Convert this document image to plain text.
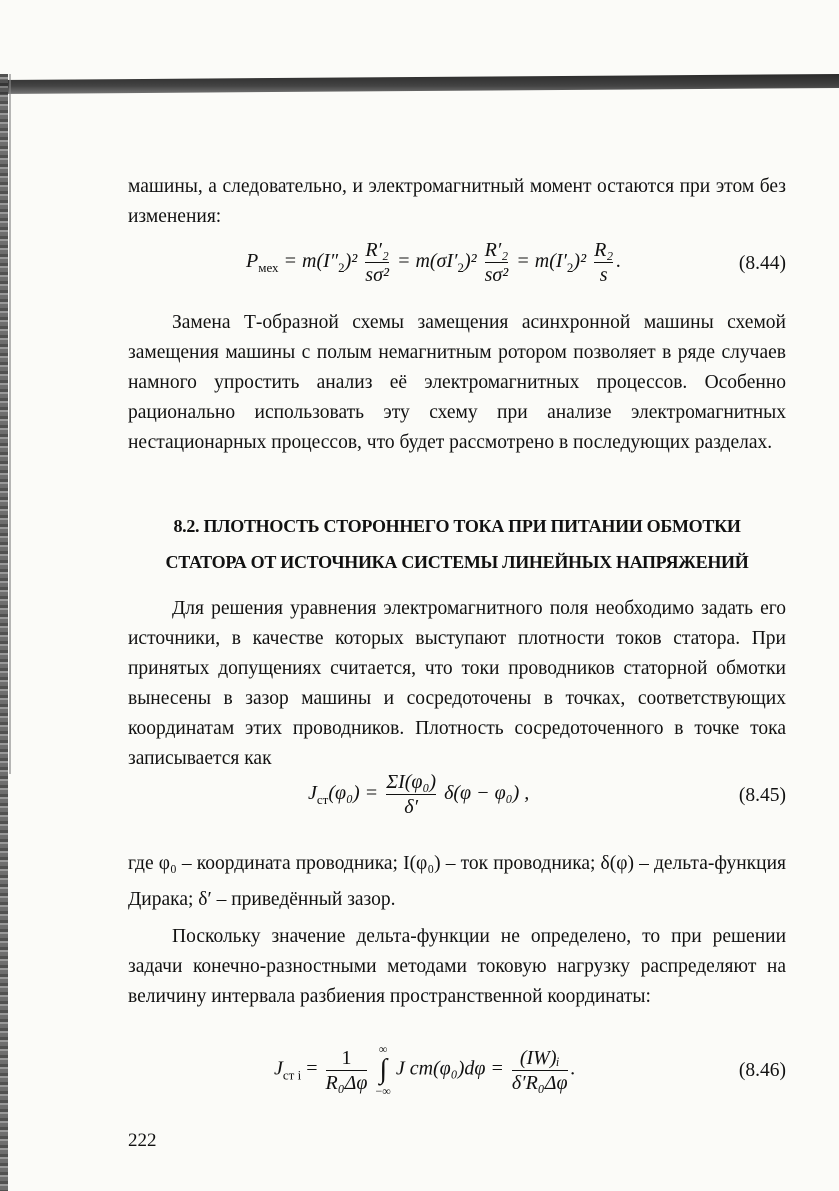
машины, а следовательно, и электромагнитный момент остаются при этом без изменения:

$P_{мех} = m(I''_2)^2 \frac{\text{R′₂}}{\text{sσ²}} = m(\sigma I'_2)^2 \frac{\text{R′₂}}{\text{sσ²}} = m(I'_2)^2 \frac{\text{R₂}}{s}$ .	(8.44)

Замена Т-образной схемы замещения асинхронной машины схемой замещения машины с полым немагнитным ротором позволяет в ряде случаев намного упростить анализ её электромагнитных процессов. Особенно рационально использовать эту схему при анализе электромагнитных нестационарных процессов, что будет рассмотрено в последующих разделах.

8.2. ПЛОТНОСТЬ СТОРОННЕГО ТОКА ПРИ ПИТАНИИ ОБМОТКИ
СТАТОРА ОТ ИСТОЧНИКА СИСТЕМЫ ЛИНЕЙНЫХ НАПРЯЖЕНИЙ

Для решения уравнения электромагнитного поля необходимо задать его источники, в качестве которых выступают плотности токов статора. При принятых допущениях считается, что токи проводников статорной обмотки вынесены в зазор машины и сосредоточены в точках, соответствующих координатам этих проводников. Плотность сосредоточенного в точке тока записывается как

$J_{ст}(\varphi_0) = \frac{\text{ΣI(φ₀)}}{\delta'} \delta(\varphi - \varphi_0)$ ,	(8.45)

где φ₀ – координата проводника; I(φ₀) – ток проводника; δ(φ) – дельта-функция Дирака; δ′ – приведённый зазор.

Поскольку значение дельта-функции не определено, то при решении задачи конечно-разностными методами токовую нагрузку распределяют на величину интервала разбиения пространственной координаты:

$J_{ст i} = \frac{1}{\text{R₀Δφ}}$
∞
∫
−∞
J $ст(\varphi_0)d\varphi = \frac{\text{(IW)ᵢ}}{\text{δ′R₀Δφ}}$ .	(8.46)
222
